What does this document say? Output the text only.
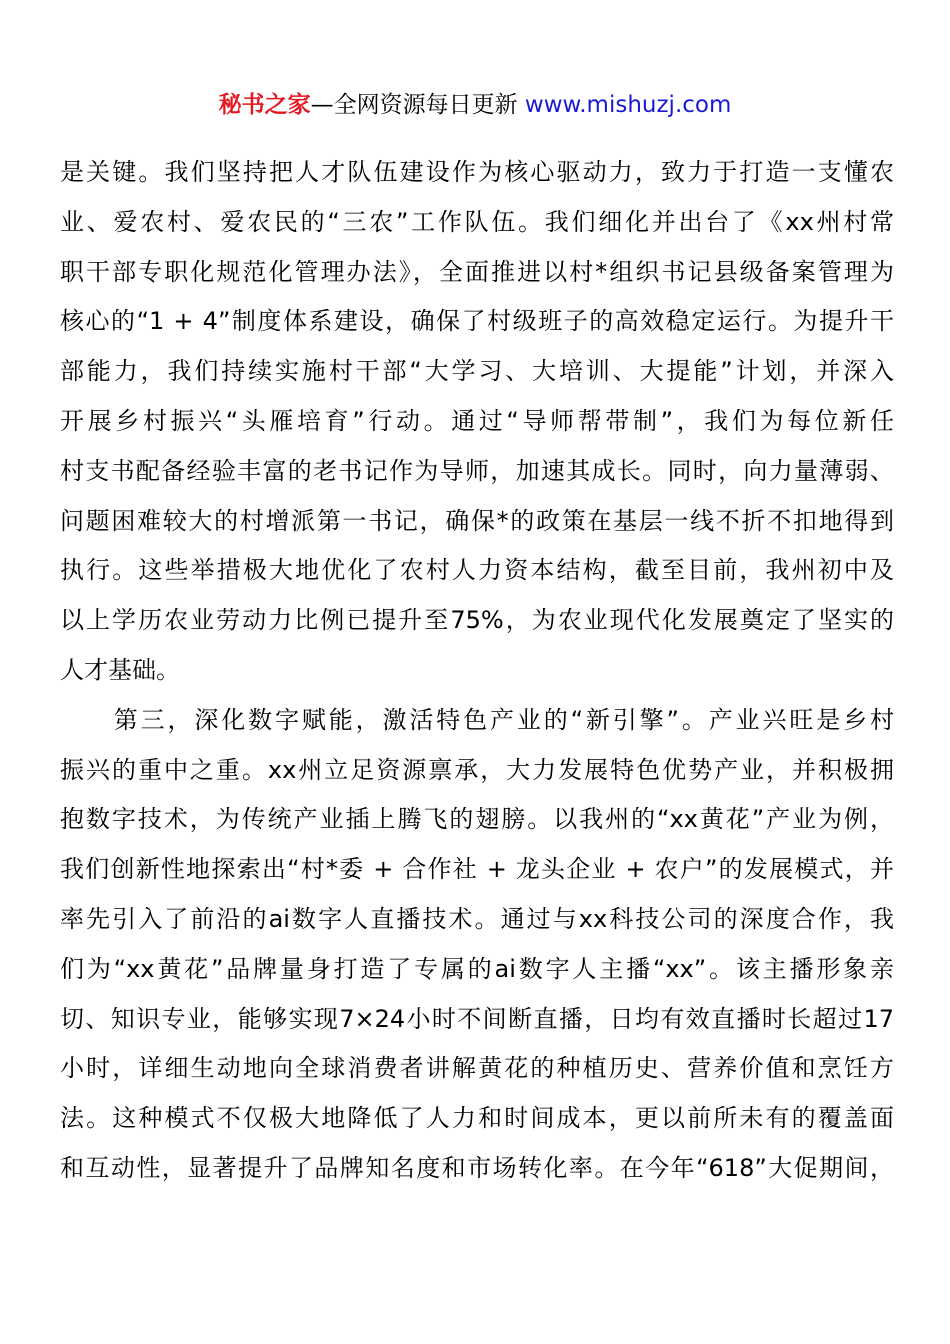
秘书之家—全网资源每日更新 www.mishuzj.com
是关键。我们坚持把人才队伍建设作为核心驱动力，致力于打造一支懂农
业、爱农村、爱农民的“三农”工作队伍。我们细化并出台了《xx州村常
职干部专职化规范化管理办法》，全面推进以村*组织书记县级备案管理为
核心的“1 + 4”制度体系建设，确保了村级班子的高效稳定运行。为提升干
部能力，我们持续实施村干部“大学习、大培训、大提能”计划，并深入
开展乡村振兴“头雁培育”行动。通过“导师帮带制”，我们为每位新任
村支书配备经验丰富的老书记作为导师，加速其成长。同时，向力量薄弱、
问题困难较大的村增派第一书记，确保*的政策在基层一线不折不扣地得到
执行。这些举措极大地优化了农村人力资本结构，截至目前，我州初中及
以上学历农业劳动力比例已提升至75%，为农业现代化发展奠定了坚实的
人才基础。
　　第三，深化数字赋能，激活特色产业的“新引擎”。产业兴旺是乡村
振兴的重中之重。xx州立足资源禀承，大力发展特色优势产业，并积极拥
抱数字技术，为传统产业插上腾飞的翅膀。以我州的“xx黄花”产业为例，
我们创新性地探索出“村*委 + 合作社 + 龙头企业 + 农户”的发展模式，并
率先引入了前沿的ai数字人直播技术。通过与xx科技公司的深度合作，我
们为“xx黄花”品牌量身打造了专属的ai数字人主播“xx”。该主播形象亲
切、知识专业，能够实现7×24小时不间断直播，日均有效直播时长超过17
小时，详细生动地向全球消费者讲解黄花的种植历史、营养价值和烹饪方
法。这种模式不仅极大地降低了人力和时间成本，更以前所未有的覆盖面
和互动性，显著提升了品牌知名度和市场转化率。在今年“618”大促期间，
